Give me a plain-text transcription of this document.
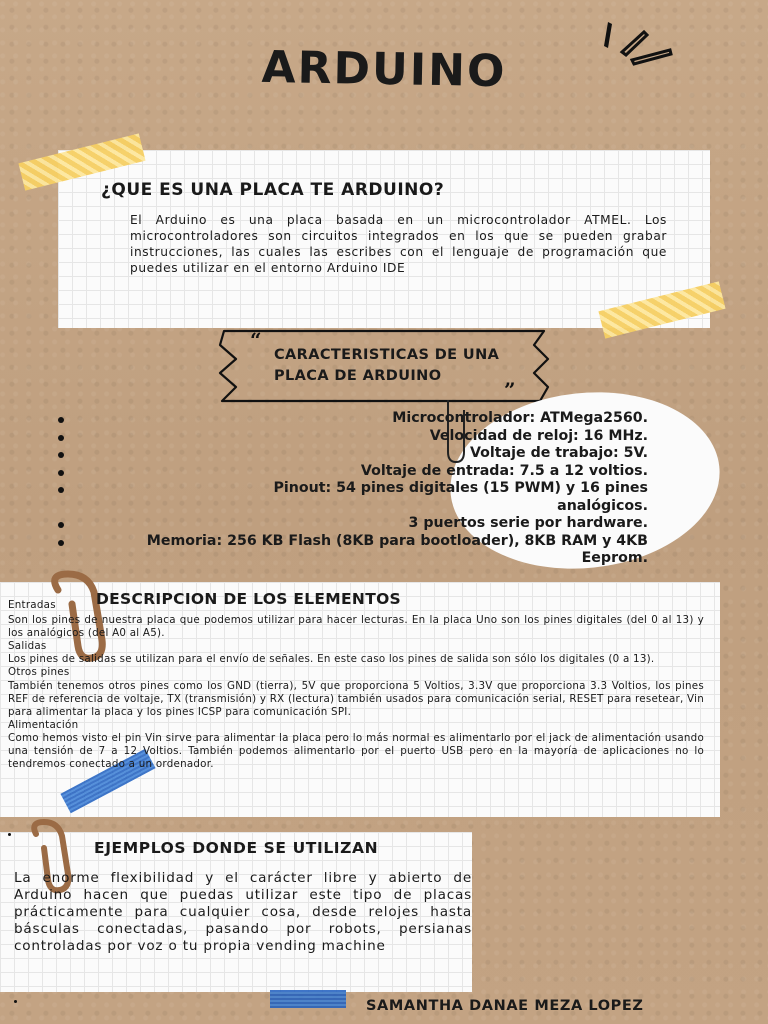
ARDUINO
¿QUE ES UNA PLACA TE ARDUINO?

El Arduino es una placa basada en un microcontrolador ATMEL. Los microcontroladores son circuitos integrados en los que se pueden grabar instrucciones, las cuales las escribes con el lenguaje de programación que puedes utilizar en el entorno Arduino IDE

“
”
CARACTERISTICAS DE UNA
PLACA DE ARDUINO
Microcontrolador: ATMega2560.
Velocidad de reloj: 16 MHz.
Voltaje de trabajo: 5V.
Voltaje de entrada: 7.5 a 12 voltios.
Pinout: 54 pines digitales (15 PWM) y 16 pines analógicos.
3 puertos serie por hardware.
Memoria: 256 KB Flash (8KB para bootloader), 8KB RAM y 4KB Eeprom.
DESCRIPCION DE LOS ELEMENTOS

Entradas

Son los pines de nuestra placa que podemos utilizar para hacer lecturas. En la placa Uno son los pines digitales (del 0 al 13) y los analógicos (del A0 al A5).

Salidas

Los pines de salidas se utilizan para el envío de señales. En este caso los pines de salida son sólo los digitales (0 a 13).

Otros pines

También tenemos otros pines como los GND (tierra), 5V que proporciona 5 Voltios, 3.3V que proporciona 3.3 Voltios, los pines REF de referencia de voltaje, TX (transmisión) y RX (lectura) también usados para comunicación serial, RESET para resetear, Vin para alimentar la placa y los pines ICSP para comunicación SPI.

Alimentación

Como hemos visto el pin Vin sirve para alimentar la placa pero lo más normal es alimentarlo por el jack de alimentación usando una tensión de 7 a 12 Voltios. También podemos alimentarlo por el puerto USB pero en la mayoría de aplicaciones no lo tendremos conectado a un ordenador.

EJEMPLOS DONDE SE UTILIZAN

La enorme flexibilidad y el carácter libre y abierto de Arduino hacen que puedas utilizar este tipo de placas prácticamente para cualquier cosa, desde relojes hasta básculas conectadas, pasando por robots, persianas controladas por voz o tu propia vending machine

SAMANTHA DANAE MEZA LOPEZ
